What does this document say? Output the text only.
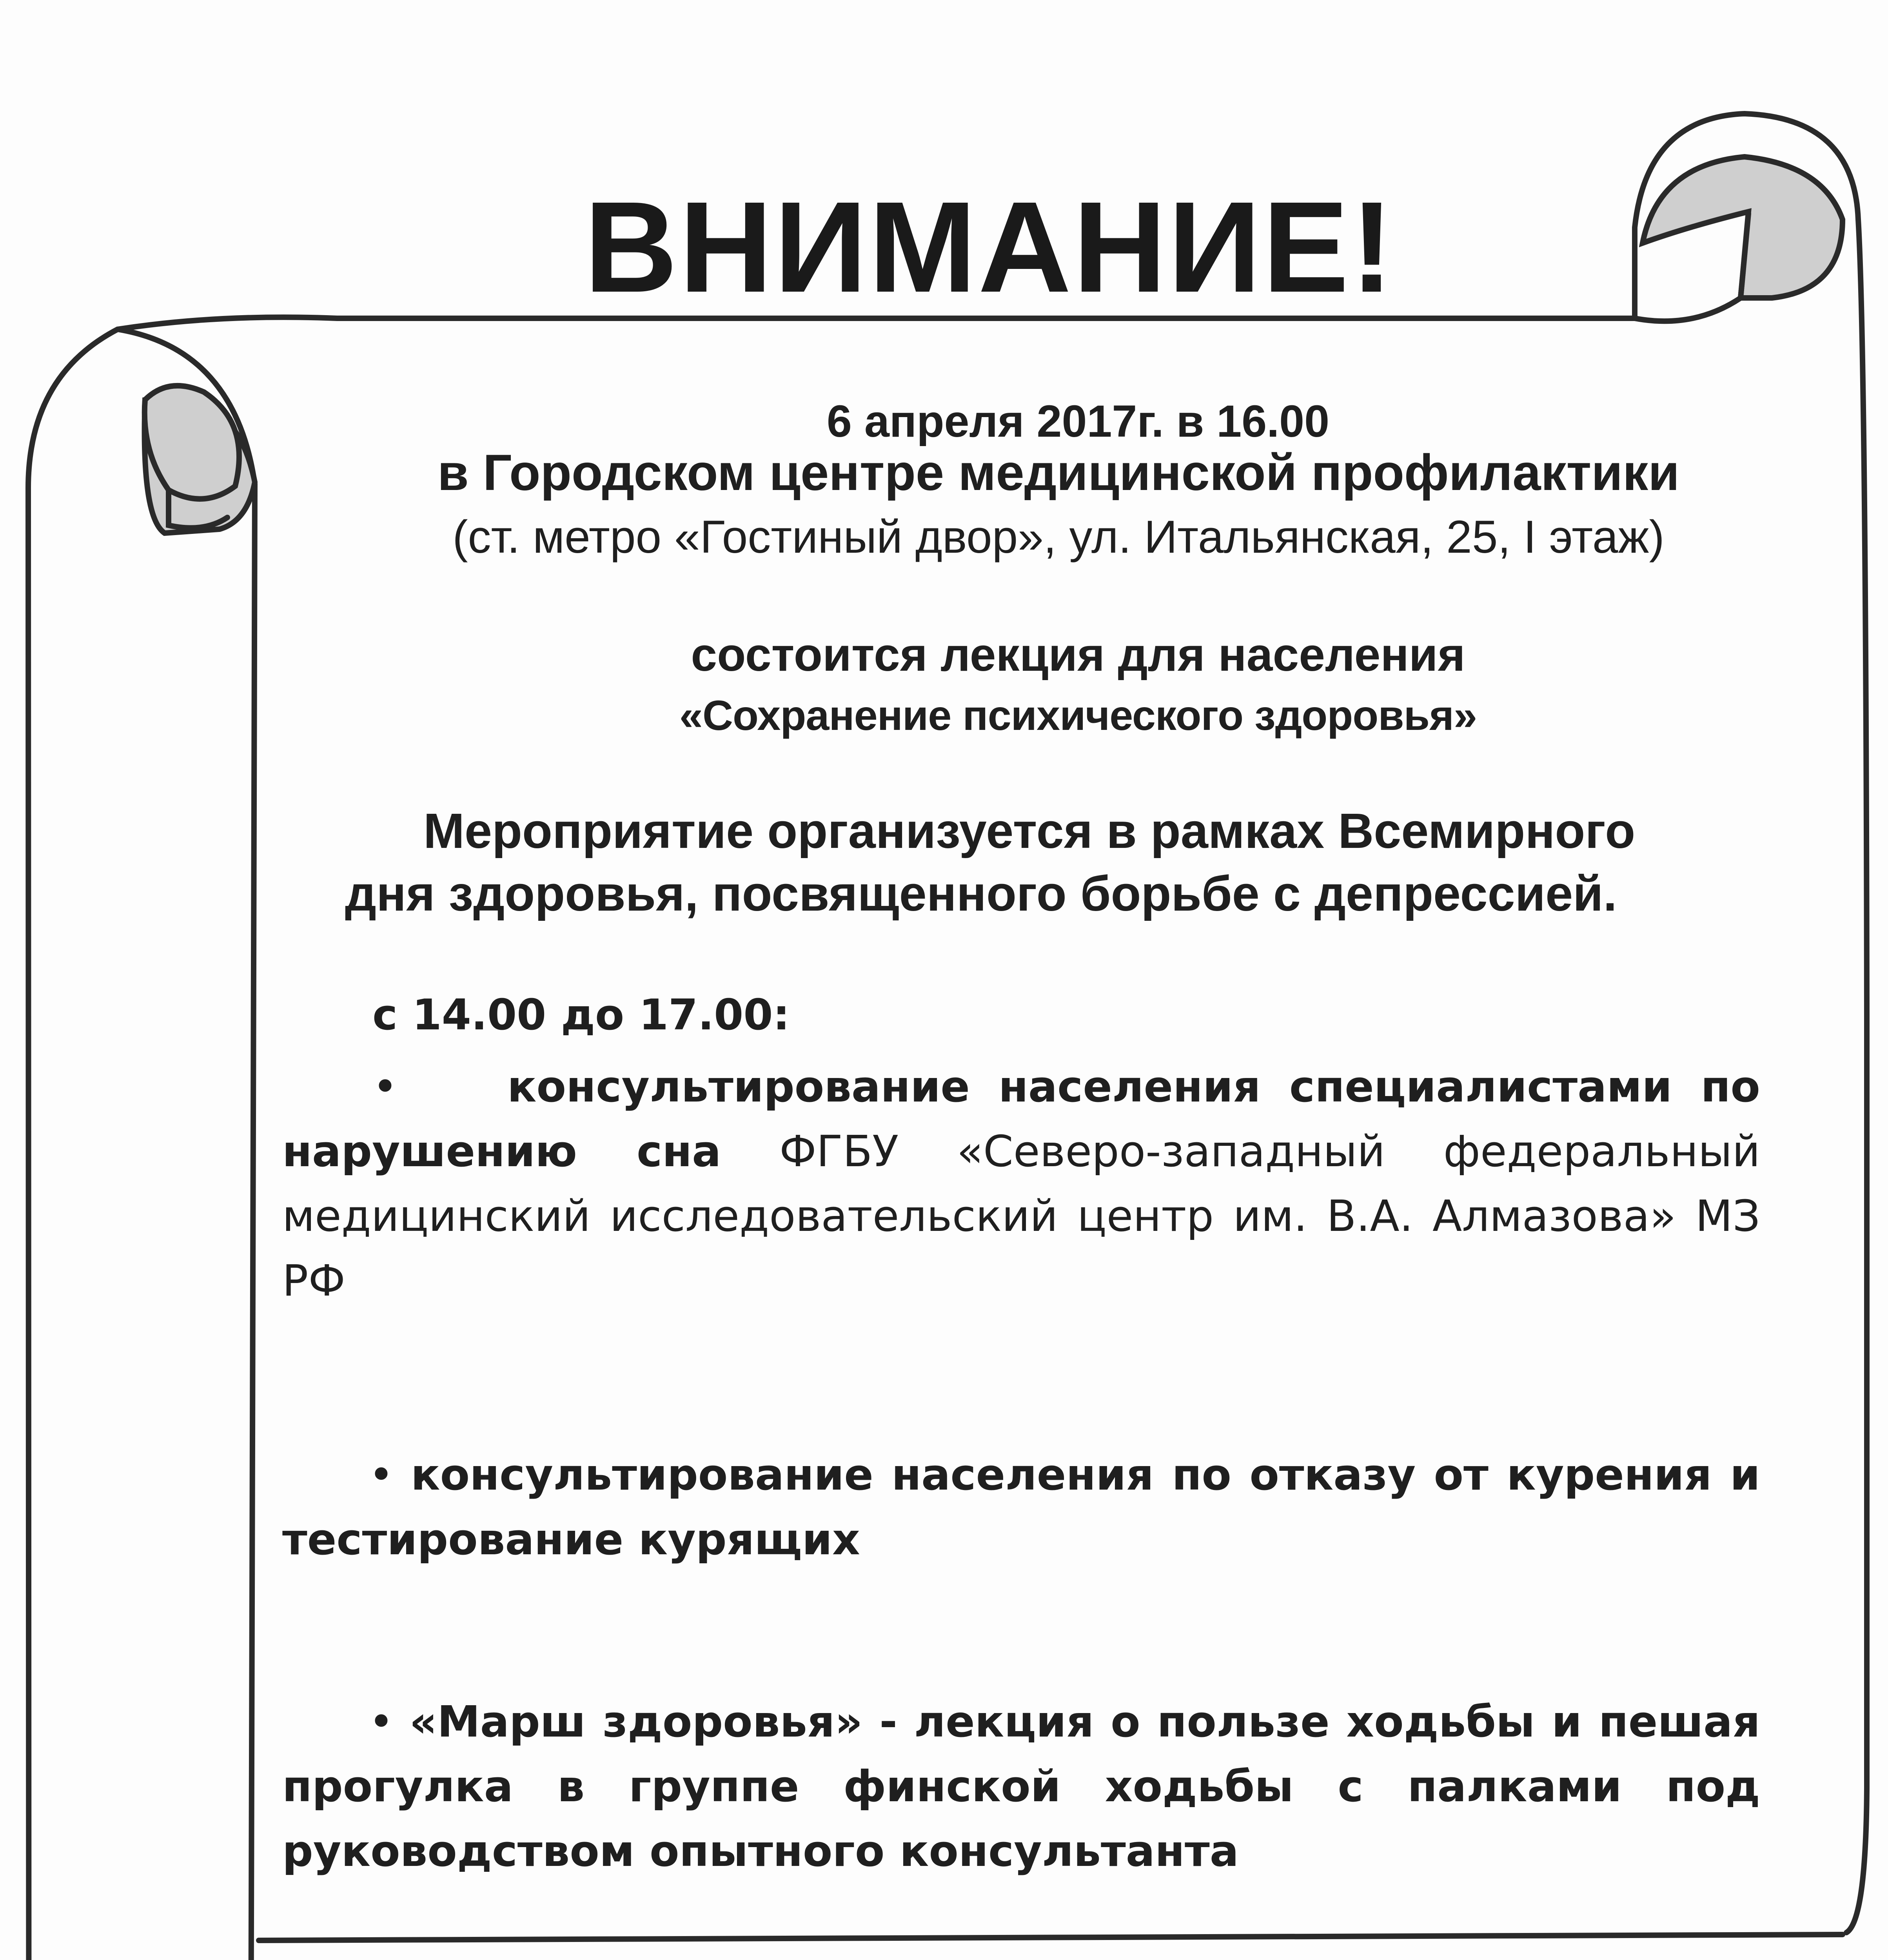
ВНИМАНИЕ!
6 апреля 2017г. в 16.00
в Городском центре медицинской профилактики
(ст. метро «Гостиный двор», ул. Итальянская, 25, I этаж)
состоится лекция для населения
«Сохранение психического здоровья»
Мероприятие организуется в рамках Всемирного
дня здоровья, посвященного борьбе с депрессией.
с 14.00 до 17.00:
•	консультирование населения специалистами по нарушению сна ФГБУ «Северо-западный федеральный медицинский исследовательский центр им. В.А. Алмазова» МЗ РФ
• консультирование населения по отказу от курения и тестирование курящих
• «Марш здоровья» - лекция о пользе ходьбы и пешая прогулка в группе финской ходьбы с палками под руководством опытного консультанта
